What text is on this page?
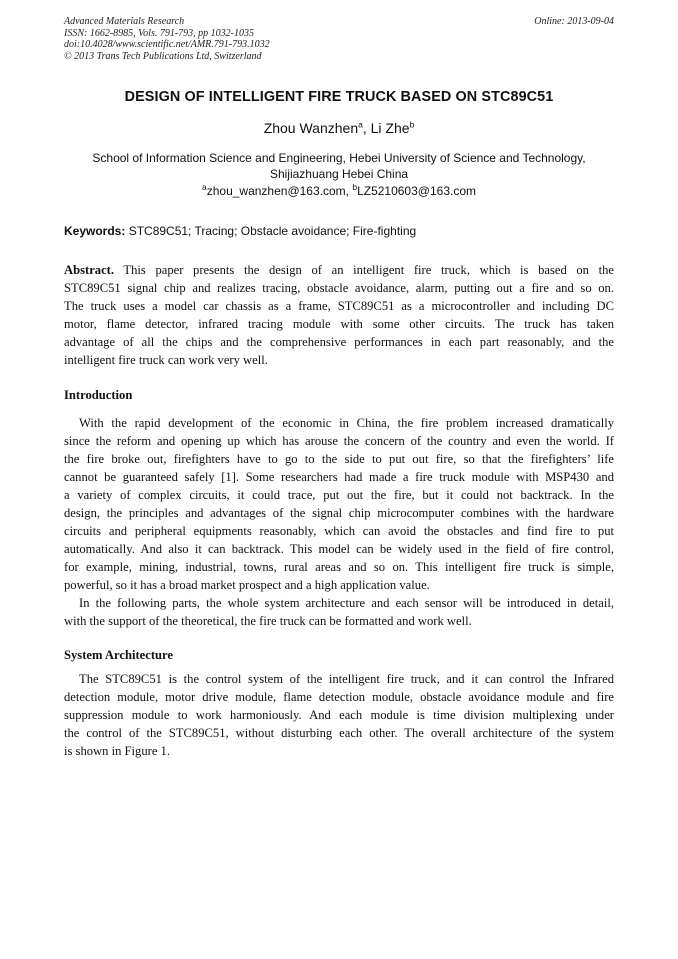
Advanced Materials Research
ISSN: 1662-8985, Vols. 791-793, pp 1032-1035
doi:10.4028/www.scientific.net/AMR.791-793.1032
© 2013 Trans Tech Publications Ltd, Switzerland
Online: 2013-09-04
DESIGN OF INTELLIGENT FIRE TRUCK BASED ON STC89C51
Zhou Wanzhen$^a$, Li Zhe$^b$
School of Information Science and Engineering, Hebei University of Science and Technology,
Shijiazhuang Hebei China
$^a$zhou_wanzhen@163.com, $^b$LZ5210603@163.com
Keywords: STC89C51; Tracing; Obstacle avoidance; Fire-fighting
Abstract. This paper presents the design of an intelligent fire truck, which is based on the
STC89C51 signal chip and realizes tracing, obstacle avoidance, alarm, putting out a fire and so on.
The truck uses a model car chassis as a frame, STC89C51 as a microcontroller and including DC
motor, flame detector, infrared tracing module with some other circuits. The truck has taken
advantage of all the chips and the comprehensive performances in each part reasonably, and the
intelligent fire truck can work very well.
Introduction
With the rapid development of the economic in China, the fire problem increased dramatically
since the reform and opening up which has arouse the concern of the country and even the world. If
the fire broke out, firefighters have to go to the side to put out fire, so that the firefighters’ life
cannot be guaranteed safely [1]. Some researchers had made a fire truck module with MSP430 and
a variety of complex circuits, it could trace, put out the fire, but it could not backtrack. In the
design, the principles and advantages of the signal chip microcomputer combines with the hardware
circuits and peripheral equipments reasonably, which can avoid the obstacles and find fire to put
automatically. And also it can backtrack. This model can be widely used in the field of fire control,
for example, mining, industrial, towns, rural areas and so on. This intelligent fire truck is simple,
powerful, so it has a broad market prospect and a high application value.
In the following parts, the whole system architecture and each sensor will be introduced in detail,
with the support of the theoretical, the fire truck can be formatted and work well.
System Architecture
The STC89C51 is the control system of the intelligent fire truck, and it can control the Infrared
detection module, motor drive module, flame detection module, obstacle avoidance module and fire
suppression module to work harmoniously. And each module is time division multiplexing under
the control of the STC89C51, without disturbing each other. The overall architecture of the system
is shown in Figure 1.
